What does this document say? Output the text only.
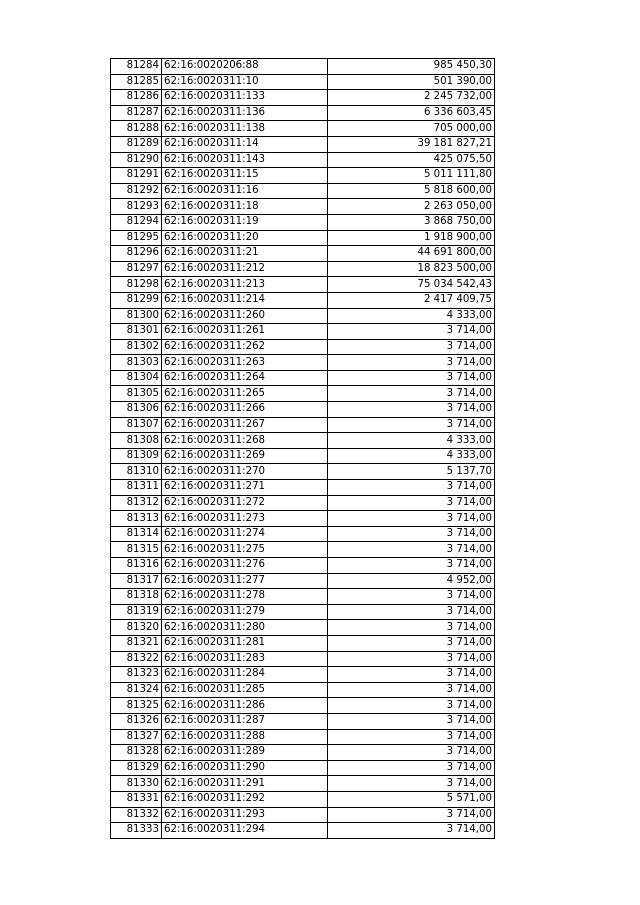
81284	62:16:0020206:88	985 450,30
81285	62:16:0020311:10	501 390,00
81286	62:16:0020311:133	2 245 732,00
81287	62:16:0020311:136	6 336 603,45
81288	62:16:0020311:138	705 000,00
81289	62:16:0020311:14	39 181 827,21
81290	62:16:0020311:143	425 075,50
81291	62:16:0020311:15	5 011 111,80
81292	62:16:0020311:16	5 818 600,00
81293	62:16:0020311:18	2 263 050,00
81294	62:16:0020311:19	3 868 750,00
81295	62:16:0020311:20	1 918 900,00
81296	62:16:0020311:21	44 691 800,00
81297	62:16:0020311:212	18 823 500,00
81298	62:16:0020311:213	75 034 542,43
81299	62:16:0020311:214	2 417 409,75
81300	62:16:0020311:260	4 333,00
81301	62:16:0020311:261	3 714,00
81302	62:16:0020311:262	3 714,00
81303	62:16:0020311:263	3 714,00
81304	62:16:0020311:264	3 714,00
81305	62:16:0020311:265	3 714,00
81306	62:16:0020311:266	3 714,00
81307	62:16:0020311:267	3 714,00
81308	62:16:0020311:268	4 333,00
81309	62:16:0020311:269	4 333,00
81310	62:16:0020311:270	5 137,70
81311	62:16:0020311:271	3 714,00
81312	62:16:0020311:272	3 714,00
81313	62:16:0020311:273	3 714,00
81314	62:16:0020311:274	3 714,00
81315	62:16:0020311:275	3 714,00
81316	62:16:0020311:276	3 714,00
81317	62:16:0020311:277	4 952,00
81318	62:16:0020311:278	3 714,00
81319	62:16:0020311:279	3 714,00
81320	62:16:0020311:280	3 714,00
81321	62:16:0020311:281	3 714,00
81322	62:16:0020311:283	3 714,00
81323	62:16:0020311:284	3 714,00
81324	62:16:0020311:285	3 714,00
81325	62:16:0020311:286	3 714,00
81326	62:16:0020311:287	3 714,00
81327	62:16:0020311:288	3 714,00
81328	62:16:0020311:289	3 714,00
81329	62:16:0020311:290	3 714,00
81330	62:16:0020311:291	3 714,00
81331	62:16:0020311:292	5 571,00
81332	62:16:0020311:293	3 714,00
81333	62:16:0020311:294	3 714,00
